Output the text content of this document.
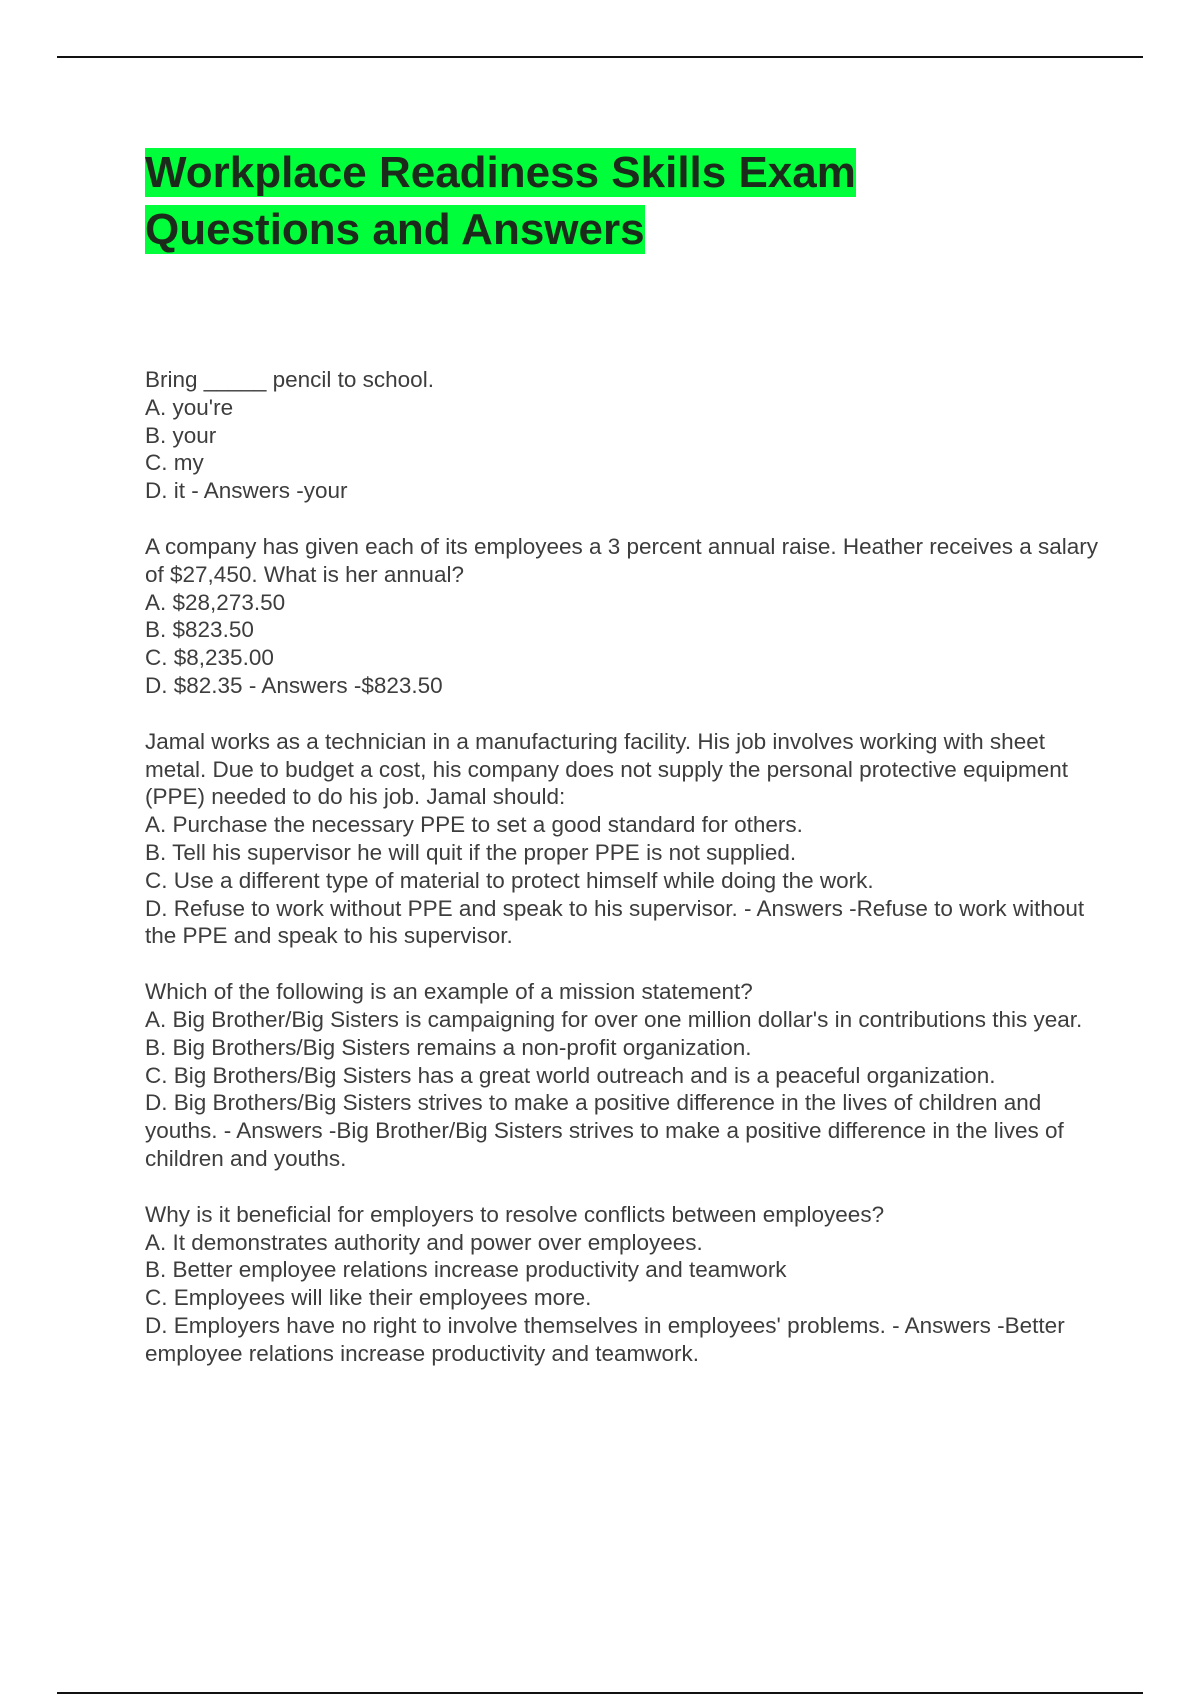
Workplace Readiness Skills Exam
Questions and Answers

Bring _____ pencil to school.

A. you're

B. your

C. my

D. it - Answers -your

A company has given each of its employees a 3 percent annual raise. Heather receives a salary of $27,450. What is her annual?

A. $28,273.50

B. $823.50

C. $8,235.00

D. $82.35 - Answers -$823.50

Jamal works as a technician in a manufacturing facility. His job involves working with sheet metal. Due to budget a cost, his company does not supply the personal protective equipment (PPE) needed to do his job. Jamal should:

A. Purchase the necessary PPE to set a good standard for others.

B. Tell his supervisor he will quit if the proper PPE is not supplied.

C. Use a different type of material to protect himself while doing the work.

D. Refuse to work without PPE and speak to his supervisor. - Answers -Refuse to work without the PPE and speak to his supervisor.

Which of the following is an example of a mission statement?

A. Big Brother/Big Sisters is campaigning for over one million dollar's in contributions this year.

B. Big Brothers/Big Sisters remains a non-profit organization.

C. Big Brothers/Big Sisters has a great world outreach and is a peaceful organization.

D. Big Brothers/Big Sisters strives to make a positive difference in the lives of children and youths. - Answers -Big Brother/Big Sisters strives to make a positive difference in the lives of children and youths.

Why is it beneficial for employers to resolve conflicts between employees?

A. It demonstrates authority and power over employees.

B. Better employee relations increase productivity and teamwork

C. Employees will like their employees more.

D. Employers have no right to involve themselves in employees' problems. - Answers -Better employee relations increase productivity and teamwork.
